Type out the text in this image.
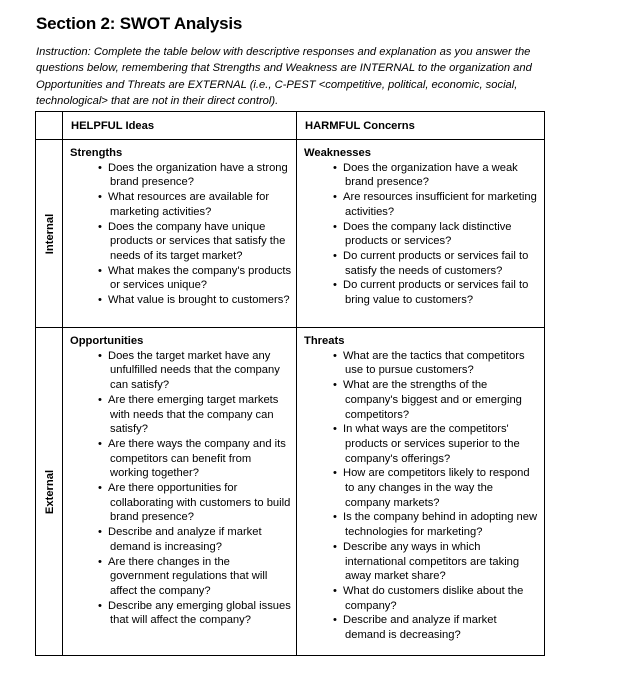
Section 2: SWOT Analysis
Instruction: Complete the table below with descriptive responses and explanation as you answer the questions below, remembering that Strengths and Weakness are INTERNAL to the organization and Opportunities and Threats are EXTERNAL (i.e., C-PEST <competitive, political, economic, social, technological> that are not in their direct control).
HELPFUL Ideas	HARMFUL Concerns
Internal
External
Strengths
• Does the organization have a strong brand presence?
• What resources are available for marketing activities?
• Does the company have unique products or services that satisfy the needs of its target market?
• What makes the company's products or services unique?
• What value is brought to customers?
Weaknesses
• Does the organization have a weak brand presence?
• Are resources insufficient for marketing activities?
• Does the company lack distinctive products or services?
• Do current products or services fail to satisfy the needs of customers?
• Do current products or services fail to bring value to customers?
Opportunities
• Does the target market have any unfulfilled needs that the company can satisfy?
• Are there emerging target markets with needs that the company can satisfy?
• Are there ways the company and its competitors can benefit from working together?
• Are there opportunities for collaborating with customers to build brand presence?
• Describe and analyze if market demand is increasing?
• Are there changes in the government regulations that will affect the company?
• Describe any emerging global issues that will affect the company?
Threats
• What are the tactics that competitors use to pursue customers?
• What are the strengths of the company's biggest and or emerging competitors?
• In what ways are the competitors' products or services superior to the company's offerings?
• How are competitors likely to respond to any changes in the way the company markets?
• Is the company behind in adopting new technologies for marketing?
• Describe any ways in which international competitors are taking away market share?
• What do customers dislike about the company?
• Describe and analyze if market demand is decreasing?
